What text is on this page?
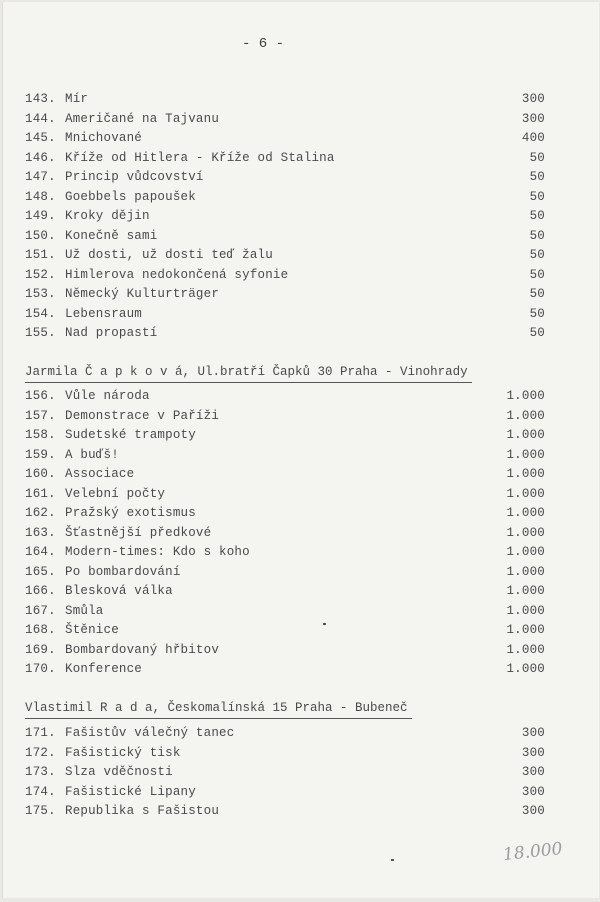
- 6 -
143. Mír	300
144. Američané na Tajvanu	300
145. Mnichované	400
146. Kříže od Hitlera - Kříže od Stalina	50
147. Princip vůdcovství	50
148. Goebbels papoušek	50
149. Kroky dějin	50
150. Konečně sami	50
151. Už dosti, už dosti teď žalu	50
152. Himlerova nedokončená syfonie	50
153. Německý Kulturträger	50
154. Lebensraum	50
155. Nad propastí	50
Jarmila Č a p k o v á, Ul.bratří Čapků 30 Praha - Vinohrady
156. Vůle národa	1.000
157. Demonstrace v Paříži	1.000
158. Sudetské trampoty	1.000
159. A buďš!	1.000
160. Associace	1.000
161. Velební počty	1.000
162. Pražský exotismus	1.000
163. Šťastnější předkové	1.000
164. Modern-times: Kdo s koho	1.000
165. Po bombardování	1.000
166. Blesková válka	1.000
167. Smůla	1.000
168. Štěnice	1.000
169. Bombardovaný hřbitov	1.000
170. Konference	1.000
Vlastimil R a d a, Českomalínská 15 Praha - Bubeneč
171. Fašistův válečný tanec	300
172. Fašistický tisk	300
173. Slza vděčnosti	300
174. Fašistické Lipany	300
175. Republika s Fašistou	300
18.000
